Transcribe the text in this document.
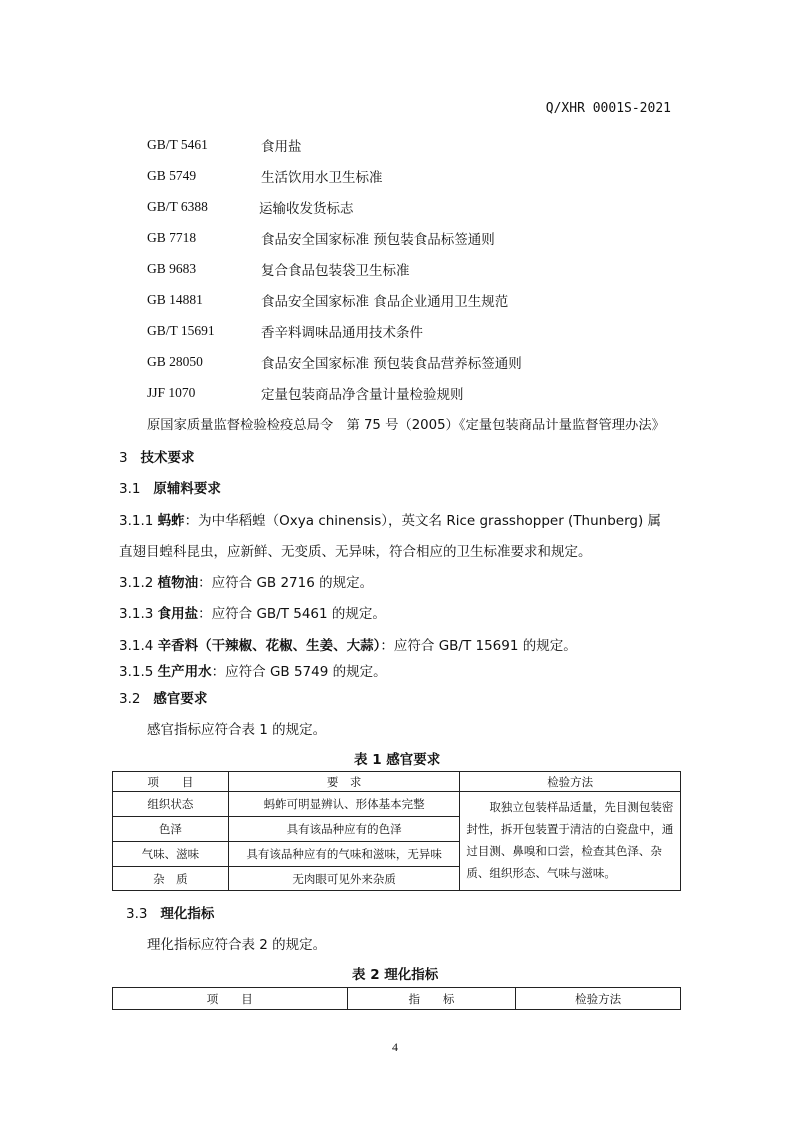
Q/XHR 0001S-2021
GB/T 5461	食用盐
GB 5749	生活饮用水卫生标准
GB/T 6388	运输收发货标志
GB 7718	食品安全国家标准 预包装食品标签通则
GB 9683	复合食品包装袋卫生标准
GB 14881	食品安全国家标准 食品企业通用卫生规范
GB/T 15691	香辛料调味品通用技术条件
GB 28050	食品安全国家标准 预包装食品营养标签通则
JJF 1070	定量包装商品净含量计量检验规则
原国家质量监督检验检疫总局令　第 75 号（2005）《定量包装商品计量监督管理办法》
3 技术要求
3.1 原辅料要求
3.1.1 蚂蚱：为中华稻蝗（Oxya chinensis），英文名 Rice grasshopper (Thunberg) 属
直翅目蝗科昆虫，应新鲜、无变质、无异味，符合相应的卫生标准要求和规定。
3.1.2 植物油：应符合 GB 2716 的规定。
3.1.3 食用盐：应符合 GB/T 5461 的规定。
3.1.4 辛香料（干辣椒、花椒、生姜、大蒜）：应符合 GB/T 15691 的规定。
3.1.5 生产用水：应符合 GB 5749 的规定。
3.2 感官要求
感官指标应符合表 1 的规定。
表 1 感官要求
项　　目	要　求	检验方法
组织状态	蚂蚱可明显辨认、形体基本完整	　　取独立包装样品适量，先目测包装密封性，拆开包装置于清洁的白瓷盘中，通过目测、鼻嗅和口尝，检查其色泽、杂质、组织形态、气味与滋味。
色泽	具有该品种应有的色泽	
气味、滋味	具有该品种应有的气味和滋味，无异味	
杂　质	无肉眼可见外来杂质	
3.3 理化指标
理化指标应符合表 2 的规定。
表 2 理化指标
项　　目	指　　标	检验方法
4
